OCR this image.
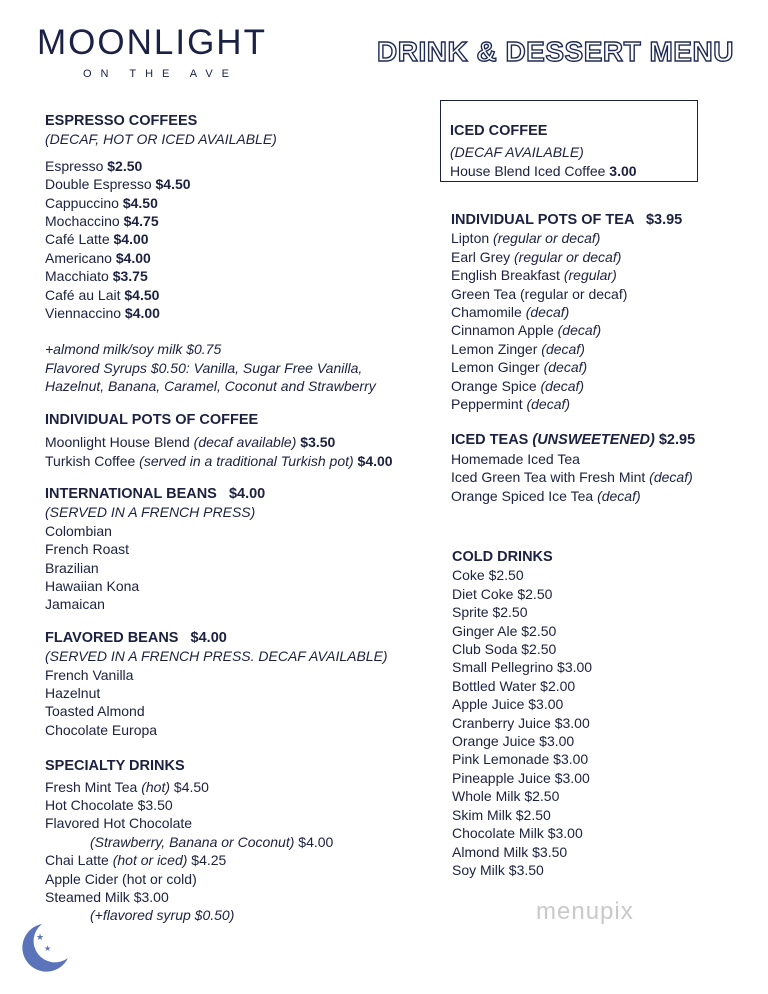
MOONLIGHT
ON THE AVE
DRINK & DESSERT MENU
ESPRESSO COFFEES
(DECAF, HOT OR ICED AVAILABLE)
Espresso $2.50
Double Espresso $4.50
Cappuccino $4.50
Mochaccino $4.75
Café Latte $4.00
Americano $4.00
Macchiato $3.75
Café au Lait $4.50
Viennaccino $4.00
+almond milk/soy milk $0.75
Flavored Syrups $0.50: Vanilla, Sugar Free Vanilla,
Hazelnut, Banana, Caramel, Coconut and Strawberry
INDIVIDUAL POTS OF COFFEE
Moonlight House Blend (decaf available) $3.50
Turkish Coffee (served in a traditional Turkish pot) $4.00
INTERNATIONAL BEANS   $4.00
(SERVED IN A FRENCH PRESS)
Colombian
French Roast
Brazilian
Hawaiian Kona
Jamaican
FLAVORED BEANS   $4.00
(SERVED IN A FRENCH PRESS. DECAF AVAILABLE)
French Vanilla
Hazelnut
Toasted Almond
Chocolate Europa
SPECIALTY DRINKS
Fresh Mint Tea (hot) $4.50
Hot Chocolate $3.50
Flavored Hot Chocolate
(Strawberry, Banana or Coconut) $4.00
Chai Latte (hot or iced) $4.25
Apple Cider (hot or cold)
Steamed Milk $3.00
(+flavored syrup $0.50)
ICED COFFEE
(DECAF AVAILABLE)
House Blend Iced Coffee 3.00
INDIVIDUAL POTS OF TEA   $3.95
Lipton (regular or decaf)
Earl Grey (regular or decaf)
English Breakfast (regular)
Green Tea (regular or decaf)
Chamomile (decaf)
Cinnamon Apple (decaf)
Lemon Zinger (decaf)
Lemon Ginger (decaf)
Orange Spice (decaf)
Peppermint (decaf)
ICED TEAS (UNSWEETENED) $2.95
Homemade Iced Tea
Iced Green Tea with Fresh Mint (decaf)
Orange Spiced Ice Tea (decaf)
COLD DRINKS
Coke $2.50
Diet Coke $2.50
Sprite $2.50
Ginger Ale $2.50
Club Soda $2.50
Small Pellegrino $3.00
Bottled Water $2.00
Apple Juice $3.00
Cranberry Juice $3.00
Orange Juice $3.00
Pink Lemonade $3.00
Pineapple Juice $3.00
Whole Milk $2.50
Skim Milk $2.50
Chocolate Milk $3.00
Almond Milk $3.50
Soy Milk $3.50
menupix
★
★
★
